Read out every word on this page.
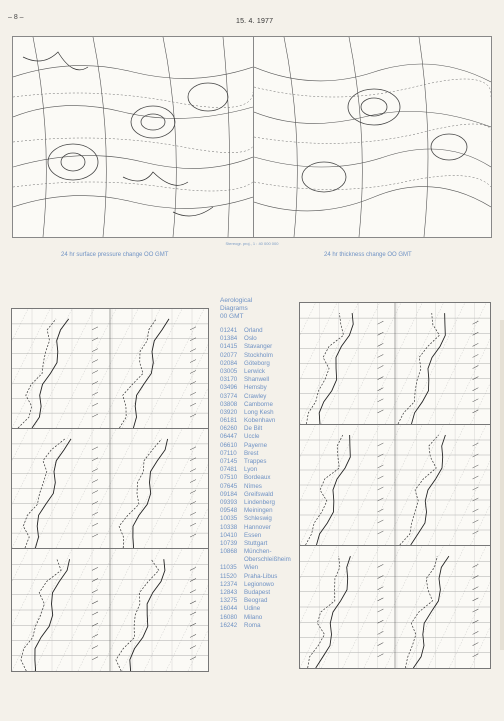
– 8 –
15. 4. 1977
Stereogr. proj., 1 : 40 000 000
24 hr surface pressure change OO GMT	24 hr thickness change OO GMT
Aerological
Diagrams
00 GMT
01241 Orland
01384 Oslo
01415 Stavanger
02077 Stockholm
02084 Göteborg
03005 Lerwick
03170 Shanwell
03496 Hemsby
03774 Crawley
03808 Camborne
03920 Long Kesh
06181 Kobenhavn
06260 De Bilt
06447 Uccle
06610 Payerne
07110 Brest
07145 Trappes
07481 Lyon
07510 Bordeaux
07645 Nîmes
09184 Greifswald
09393 Lindenberg
09548 Meiningen
10035 Schleswig
10338 Hannover
10410 Essen
10739 Stuttgart
10868 München-
Oberschleißheim
11035 Wien
11520 Praha-Libus
12374 Legionowo
12843 Budapest
13275 Beograd
16044 Udine
16080 Milano
16242 Roma
